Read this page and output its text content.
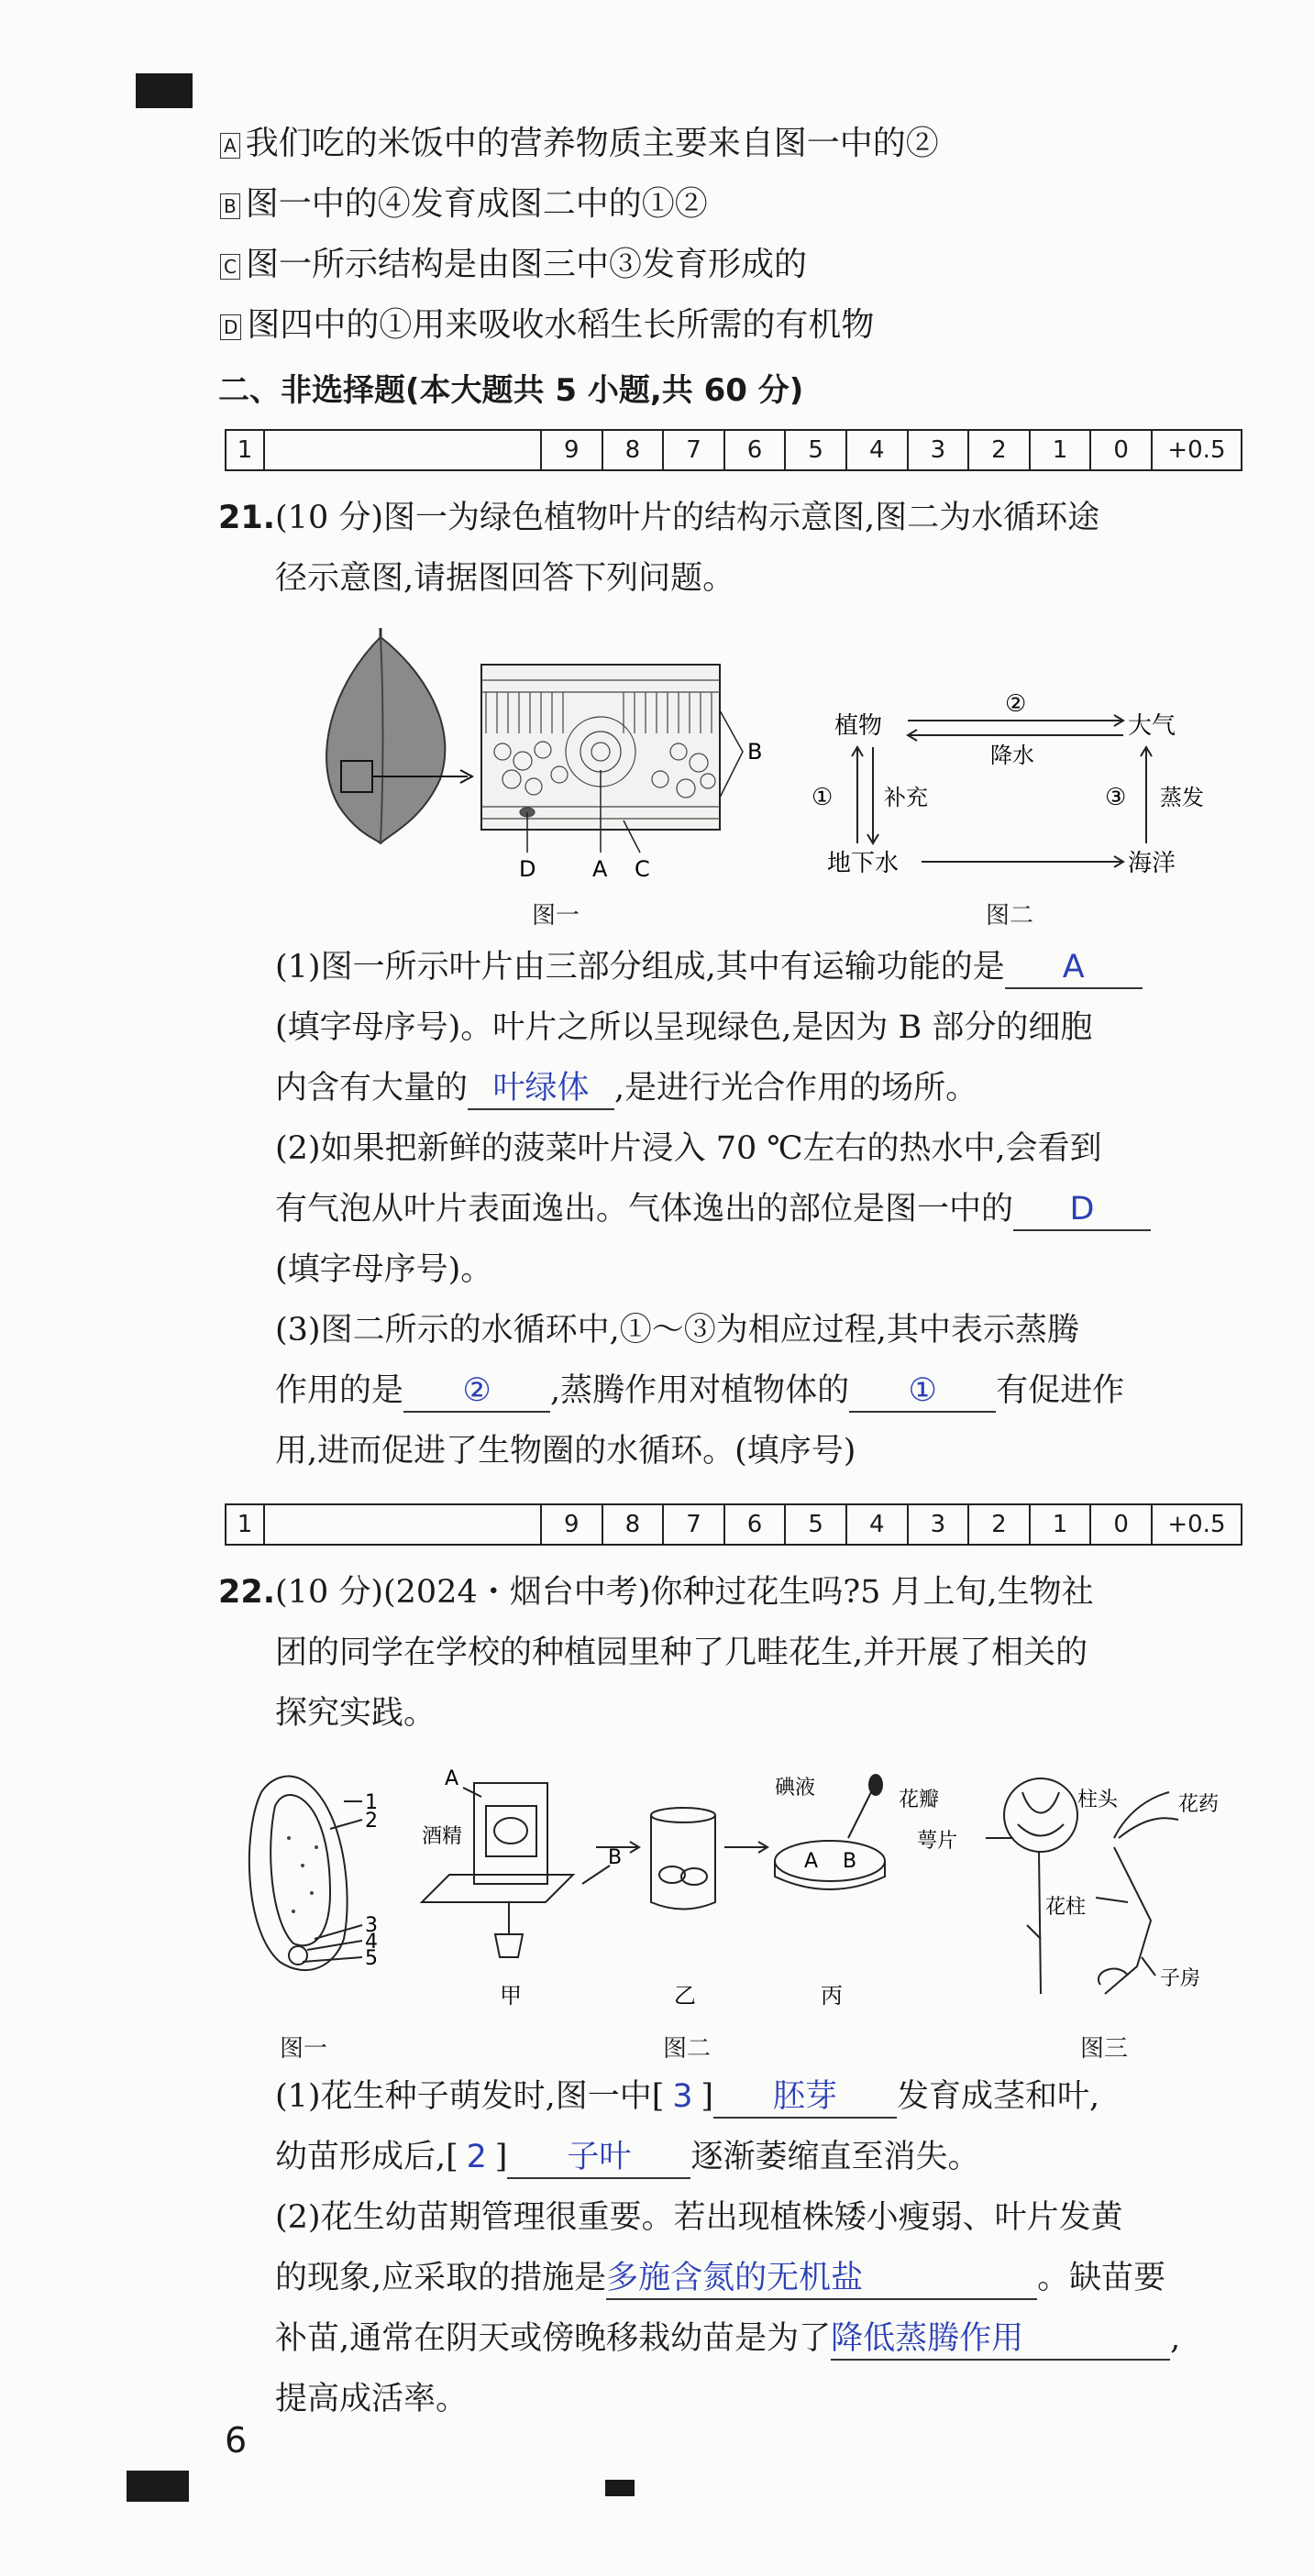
A 我们吃的米饭中的营养物质主要来自图一中的②
B 图一中的④发育成图二中的①②
C 图一所示结构是由图三中③发育形成的
D 图四中的①用来吸收水稻生长所需的有机物
二、非选择题(本大题共 5 小题,共 60 分)
1	9	8	7	6	5	4	3	2	1	0	+0.5
21.(10 分)图一为绿色植物叶片的结构示意图,图二为水循环途
径示意图,请据图回答下列问题。
B
D	A C
图一
植物	大气
地下水	海洋
②
降水
① 补充	③ 蒸发
图二
(1)图一所示叶片由三部分组成,其中有运输功能的是 A
(填字母序号)。叶片之所以呈现绿色,是因为 B 部分的细胞
内含有大量的 叶绿体 ,是进行光合作用的场所。
(2)如果把新鲜的菠菜叶片浸入 70 ℃左右的热水中,会看到
有气泡从叶片表面逸出。气体逸出的部位是图一中的 D
(填字母序号)。
(3)图二所示的水循环中,①～③为相应过程,其中表示蒸腾
作用的是 ② ,蒸腾作用对植物体的 ① 有促进作
用,进而促进了生物圈的水循环。(填序号)
1	9	8	7	6	5	4	3	2	1	0	+0.5
22.(10 分)(2024・烟台中考)你种过花生吗?5 月上旬,生物社
团的同学在学校的种植园里种了几畦花生,并开展了相关的
探究实践。
1
2
3
4
5
酒精
A
B
甲	乙
碘液
A B
丙
花瓣
萼片
柱头	花药
花柱
子房
图一	图二	图三
(1)花生种子萌发时,图一中[ 3 ] 胚芽 发育成茎和叶,
幼苗形成后,[ 2 ] 子叶 逐渐萎缩直至消失。
(2)花生幼苗期管理很重要。若出现植株矮小瘦弱、叶片发黄
的现象,应采取的措施是多施含氮的无机盐	。缺苗要
补苗,通常在阴天或傍晚移栽幼苗是为了降低蒸腾作用	,
提高成活率。
6
